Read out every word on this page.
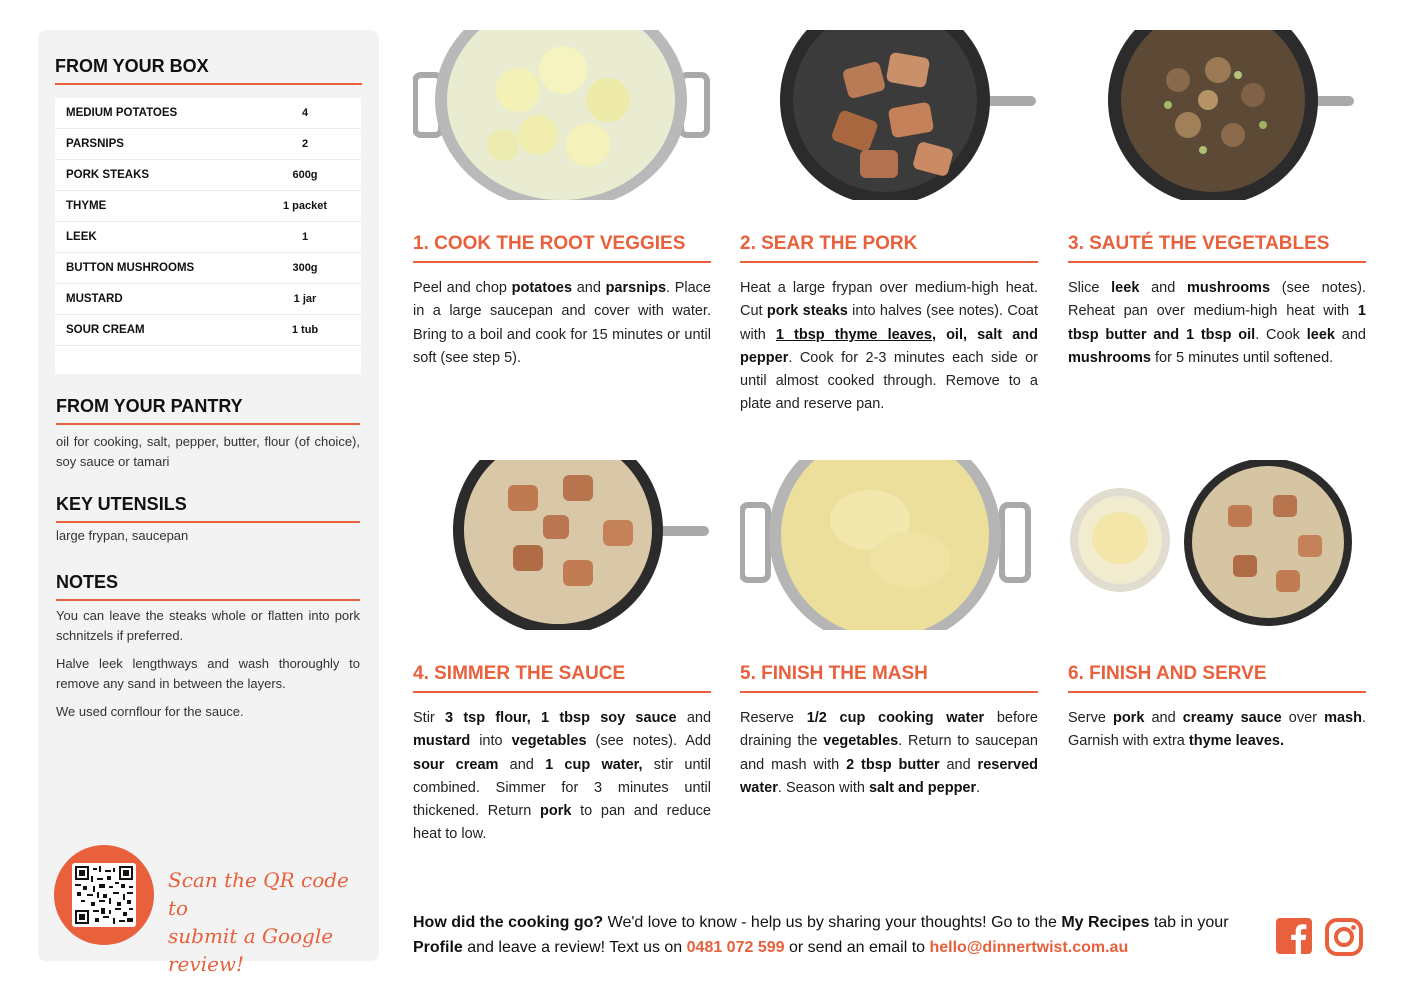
FROM YOUR BOX
MEDIUM POTATOES	4
PARSNIPS	2
PORK STEAKS	600g
THYME	1 packet
LEEK	1
BUTTON MUSHROOMS	300g
MUSTARD	1 jar
SOUR CREAM	1 tub
FROM YOUR PANTRY
oil for cooking, salt, pepper, butter, flour (of choice), soy sauce or tamari
KEY UTENSILS
large frypan, saucepan
NOTES

You can leave the steaks whole or flatten into pork schnitzels if preferred.

Halve leek lengthways and wash thoroughly to remove any sand in between the layers.

We used cornflour for the sauce.

Scan the QR code to
submit a Google review!
1. COOK THE ROOT VEGGIES
Peel and chop potatoes and parsnips. Place in a large saucepan and cover with water. Bring to a boil and cook for 15 minutes or until soft (see step 5).
2. SEAR THE PORK
Heat a large frypan over medium-high heat. Cut pork steaks into halves (see notes). Coat with 1 tbsp thyme leaves, oil, salt and pepper. Cook for 2-3 minutes each side or until almost cooked through. Remove to a plate and reserve pan.
3. SAUTÉ THE VEGETABLES
Slice leek and mushrooms (see notes). Reheat pan over medium-high heat with 1 tbsp butter and 1 tbsp oil. Cook leek and mushrooms for 5 minutes until softened.
4. SIMMER THE SAUCE
Stir 3 tsp flour, 1 tbsp soy sauce and mustard into vegetables (see notes). Add sour cream and 1 cup water, stir until combined. Simmer for 3 minutes until thickened. Return pork to pan and reduce heat to low.
5. FINISH THE MASH
Reserve 1/2 cup cooking water before draining the vegetables. Return to saucepan and mash with 2 tbsp butter and reserved water. Season with salt and pepper.
6. FINISH AND SERVE
Serve pork and creamy sauce over mash. Garnish with extra thyme leaves.
How did the cooking go? We'd love to know - help us by sharing your thoughts! Go to the My Recipes tab in your Profile and leave a review! Text us on 0481 072 599 or send an email to hello@dinnertwist.com.au
